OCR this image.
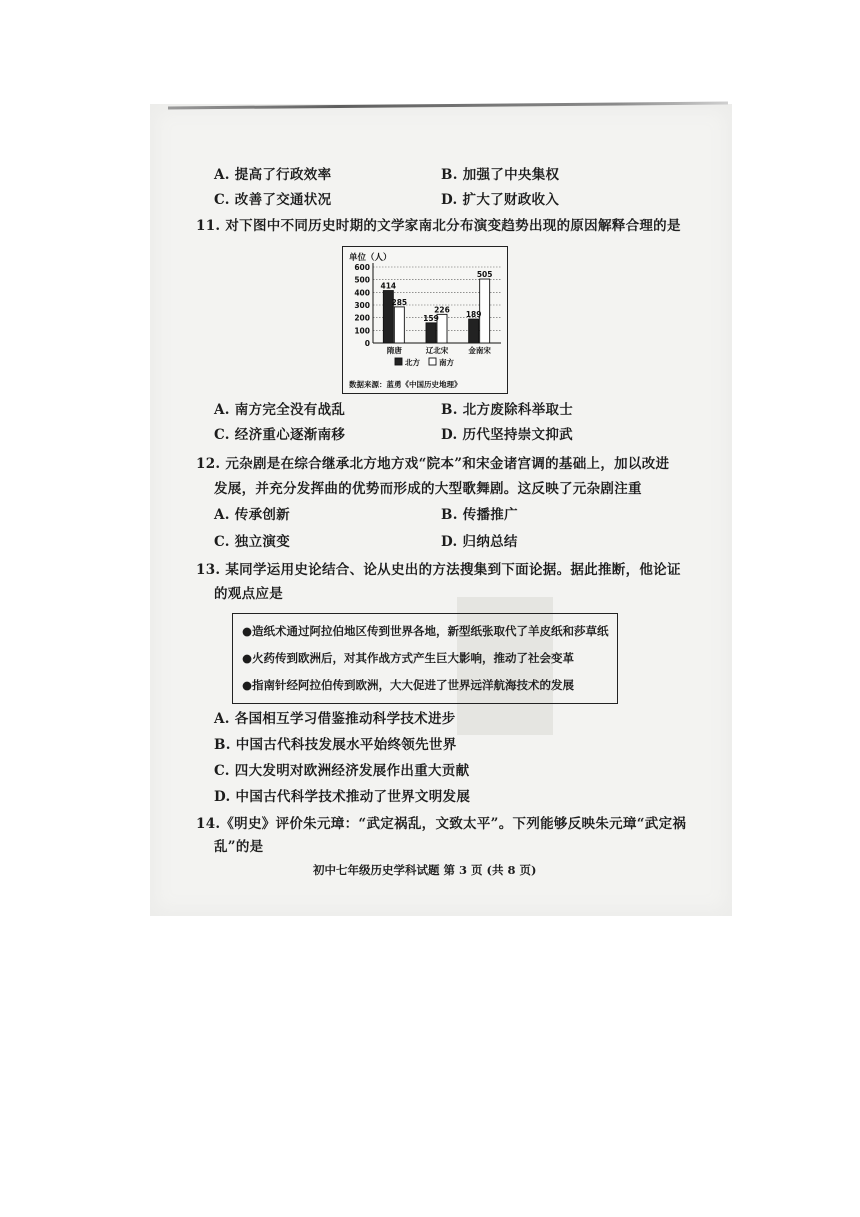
A. 提高了行政效率	B. 加强了中央集权
C. 改善了交通状况	D. 扩大了财政收入
11. 对下图中不同历史时期的文学家南北分布演变趋势出现的原因解释合理的是
单位（人）
0
100
200
300
400
500
600
414
285
159
226
189
505
隋唐	辽北宋	金南宋
北方	南方
数据来源：蓝勇《中国历史地理》
A. 南方完全没有战乱	B. 北方废除科举取士
C. 经济重心逐渐南移	D. 历代坚持崇文抑武
12. 元杂剧是在综合继承北方地方戏“院本”和宋金诸宫调的基础上，加以改进
发展，并充分发挥曲的优势而形成的大型歌舞剧。这反映了元杂剧注重
A. 传承创新	B. 传播推广
C. 独立演变	D. 归纳总结
13. 某同学运用史论结合、论从史出的方法搜集到下面论据。据此推断，他论证
的观点应是
●造纸术通过阿拉伯地区传到世界各地，新型纸张取代了羊皮纸和莎草纸
●火药传到欧洲后，对其作战方式产生巨大影响，推动了社会变革
●指南针经阿拉伯传到欧洲，大大促进了世界远洋航海技术的发展
A. 各国相互学习借鉴推动科学技术进步
B. 中国古代科技发展水平始终领先世界
C. 四大发明对欧洲经济发展作出重大贡献
D. 中国古代科学技术推动了世界文明发展
14.《明史》评价朱元璋：“武定祸乱，文致太平”。下列能够反映朱元璋“武定祸
乱”的是
初中七年级历史学科试题 第 3 页 (共 8 页)
